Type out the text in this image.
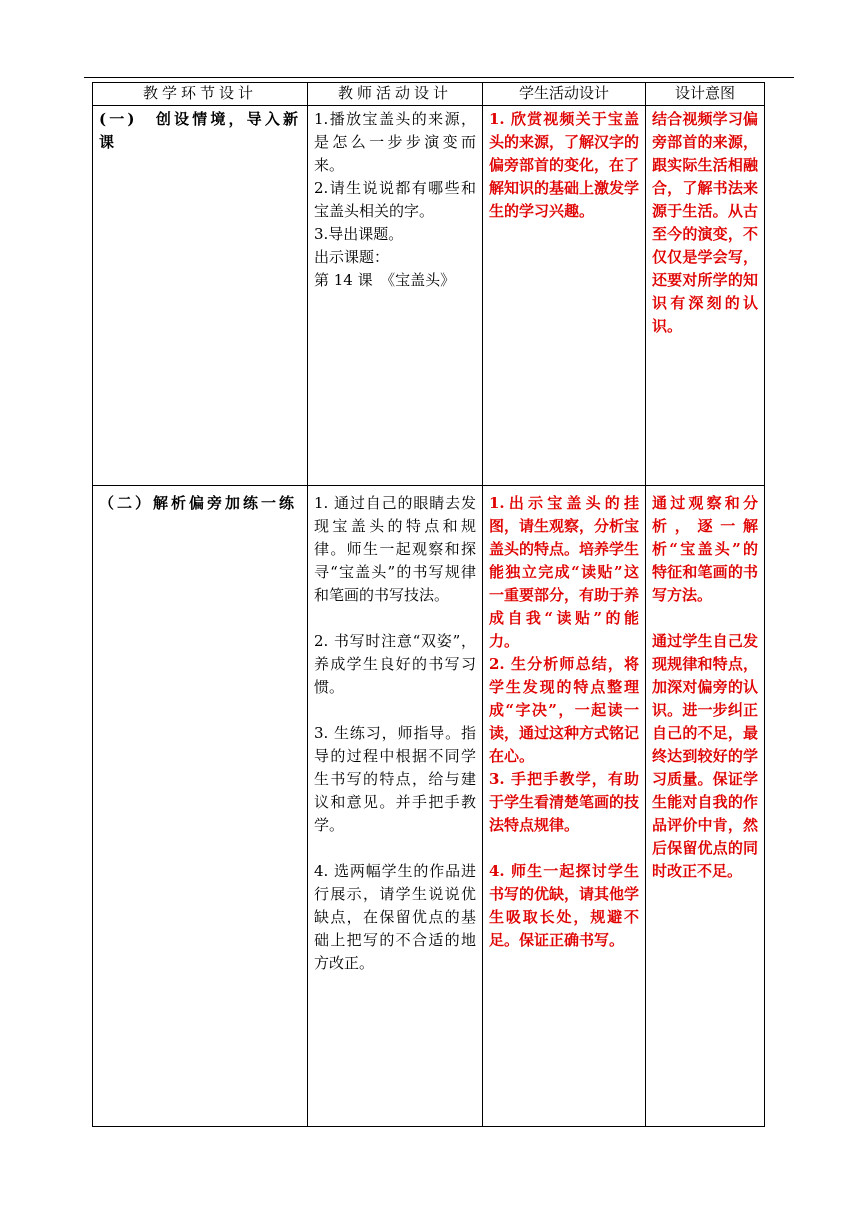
教学环节设计	教师活动设计	学生活动设计	设计意图

(一)　创设情境，导入新课	1.播放宝盖头的来源，是怎么一步步演变而来。
2.请生说说都有哪些和宝盖头相关的字。
3.导出课题。
出示课题：
第 14 课　《宝盖头》	1. 欣赏视频关于宝盖头的来源，了解汉字的偏旁部首的变化，在了解知识的基础上激发学生的学习兴趣。	结合视频学习偏旁部首的来源，跟实际生活相融合，了解书法来源于生活。从古至今的演变，不仅仅是学会写，还要对所学的知识有深刻的认识。

（二）解析偏旁加练一练	1. 通过自己的眼睛去发现宝盖头的特点和规律。师生一起观察和探寻“宝盖头”的书写规律和笔画的书写技法。
2. 书写时注意“双姿”，养成学生良好的书写习惯。
3. 生练习，师指导。指导的过程中根据不同学生书写的特点，给与建议和意见。并手把手教学。
4. 选两幅学生的作品进行展示，请学生说说优缺点，在保留优点的基础上把写的不合适的地方改正。	1.出示宝盖头的挂图，请生观察，分析宝盖头的特点。培养学生能独立完成“读贴”这一重要部分，有助于养成自我“读贴”的能力。
2. 生分析师总结，将学生发现的特点整理成“字决”，一起读一读，通过这种方式铭记在心。
3. 手把手教学，有助于学生看清楚笔画的技法特点规律。
4. 师生一起探讨学生书写的优缺，请其他学生吸取长处，规避不足。保证正确书写。	通过观察和分析，逐一解析“宝盖头”的特征和笔画的书写方法。
通过学生自己发现规律和特点，加深对偏旁的认识。进一步纠正自己的不足，最终达到较好的学习质量。保证学生能对自我的作品评价中肯，然后保留优点的同时改正不足。
